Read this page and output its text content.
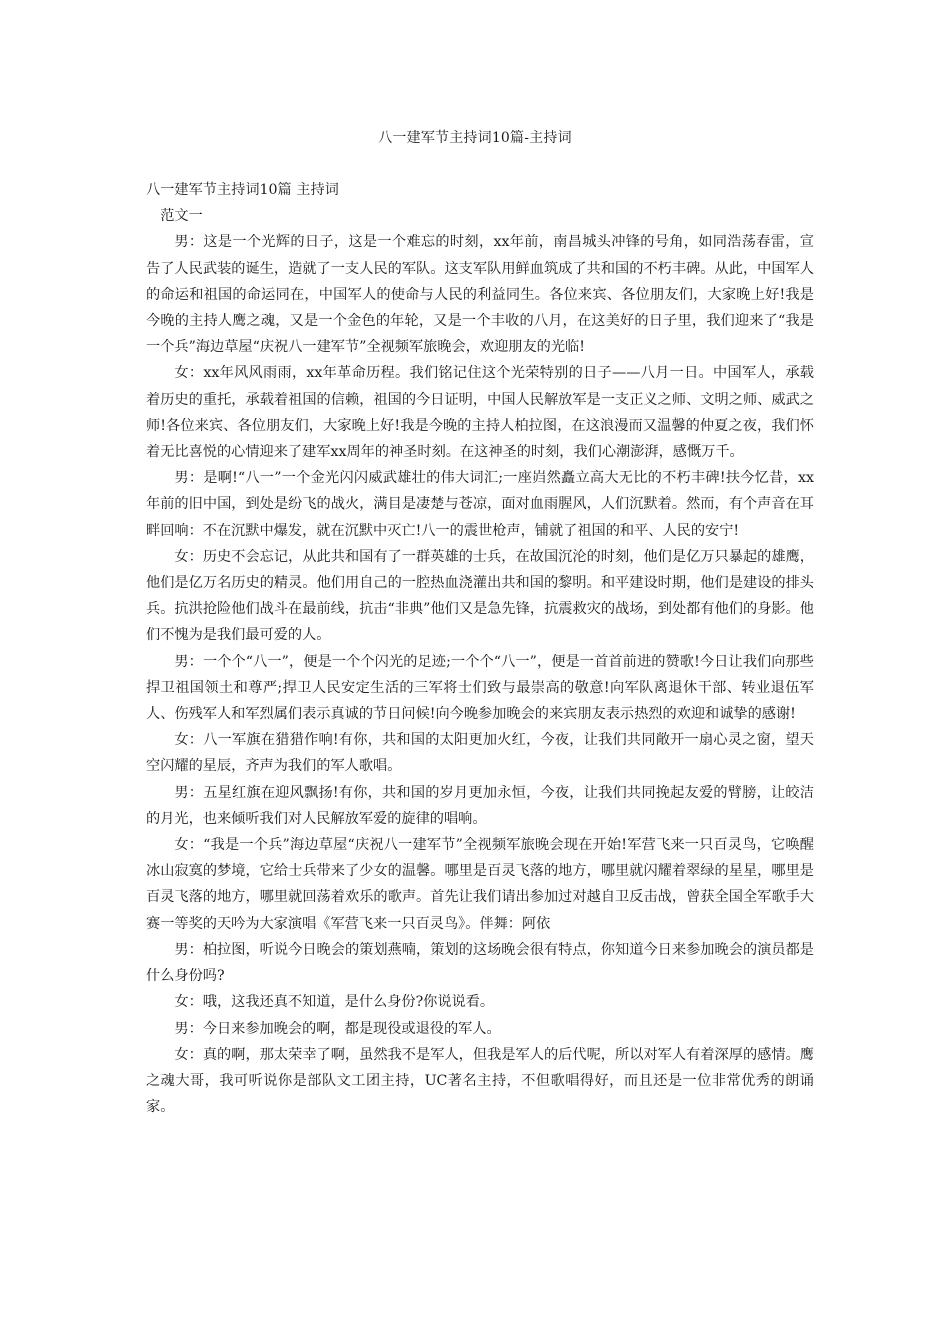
八一建军节主持词10篇-主持词

八一建军节主持词10篇 主持词

范文一

男：这是一个光辉的日子，这是一个难忘的时刻，xx年前，南昌城头冲锋的号角，如同浩荡春雷，宣告了人民武装的诞生，造就了一支人民的军队。这支军队用鲜血筑成了共和国的不朽丰碑。从此，中国军人的命运和祖国的命运同在，中国军人的使命与人民的利益同生。各位来宾、各位朋友们，大家晚上好!我是今晚的主持人鹰之魂，又是一个金色的年轮，又是一个丰收的八月，在这美好的日子里，我们迎来了“我是一个兵”海边草屋“庆祝八一建军节”全视频军旅晚会，欢迎朋友的光临!

女：xx年风风雨雨，xx年革命历程。我们铭记住这个光荣特别的日子——八月一日。中国军人，承载着历史的重托，承载着祖国的信赖，祖国的今日证明，中国人民解放军是一支正义之师、文明之师、威武之师!各位来宾、各位朋友们，大家晚上好!我是今晚的主持人柏拉图，在这浪漫而又温馨的仲夏之夜，我们怀着无比喜悦的心情迎来了建军xx周年的神圣时刻。在这神圣的时刻，我们心潮澎湃，感慨万千。

男：是啊!“八一”一个金光闪闪威武雄壮的伟大词汇;一座岿然矗立高大无比的不朽丰碑!扶今忆昔，xx年前的旧中国，到处是纷飞的战火，满目是凄楚与苍凉，面对血雨腥风，人们沉默着。然而，有个声音在耳畔回响：不在沉默中爆发，就在沉默中灭亡!八一的震世枪声，铺就了祖国的和平、人民的安宁!

女：历史不会忘记，从此共和国有了一群英雄的士兵，在故国沉沦的时刻，他们是亿万只暴起的雄鹰，他们是亿万名历史的精灵。他们用自己的一腔热血浇灌出共和国的黎明。和平建设时期，他们是建设的排头兵。抗洪抢险他们战斗在最前线，抗击“非典”他们又是急先锋，抗震救灾的战场，到处都有他们的身影。他们不愧为是我们最可爱的人。

男：一个个“八一”，便是一个个闪光的足迹;一个个“八一”，便是一首首前进的赞歌!今日让我们向那些捍卫祖国领土和尊严;捍卫人民安定生活的三军将士们致与最崇高的敬意!向军队离退休干部、转业退伍军人、伤残军人和军烈属们表示真诚的节日问候!向今晚参加晚会的来宾朋友表示热烈的欢迎和诚挚的感谢!

女：八一军旗在猎猎作响!有你，共和国的太阳更加火红，今夜，让我们共同敞开一扇心灵之窗，望天空闪耀的星辰，齐声为我们的军人歌唱。

男：五星红旗在迎风飘扬!有你，共和国的岁月更加永恒，今夜，让我们共同挽起友爱的臂膀，让皎洁的月光，也来倾听我们对人民解放军爱的旋律的唱响。

女：“我是一个兵”海边草屋“庆祝八一建军节”全视频军旅晚会现在开始!军营飞来一只百灵鸟，它唤醒冰山寂寞的梦境，它给士兵带来了少女的温馨。哪里是百灵飞落的地方，哪里就闪耀着翠绿的星星，哪里是百灵飞落的地方，哪里就回荡着欢乐的歌声。首先让我们请出参加过对越自卫反击战，曾获全国全军歌手大赛一等奖的天吟为大家演唱《军营飞来一只百灵鸟》。伴舞：阿依

男：柏拉图，听说今日晚会的策划燕喃，策划的这场晚会很有特点，你知道今日来参加晚会的演员都是什么身份吗?

女：哦，这我还真不知道，是什么身份?你说说看。

男：今日来参加晚会的啊，都是现役或退役的军人。

女：真的啊，那太荣幸了啊，虽然我不是军人，但我是军人的后代呢，所以对军人有着深厚的感情。鹰之魂大哥，我可听说你是部队文工团主持，UC著名主持，不但歌唱得好，而且还是一位非常优秀的朗诵家。
